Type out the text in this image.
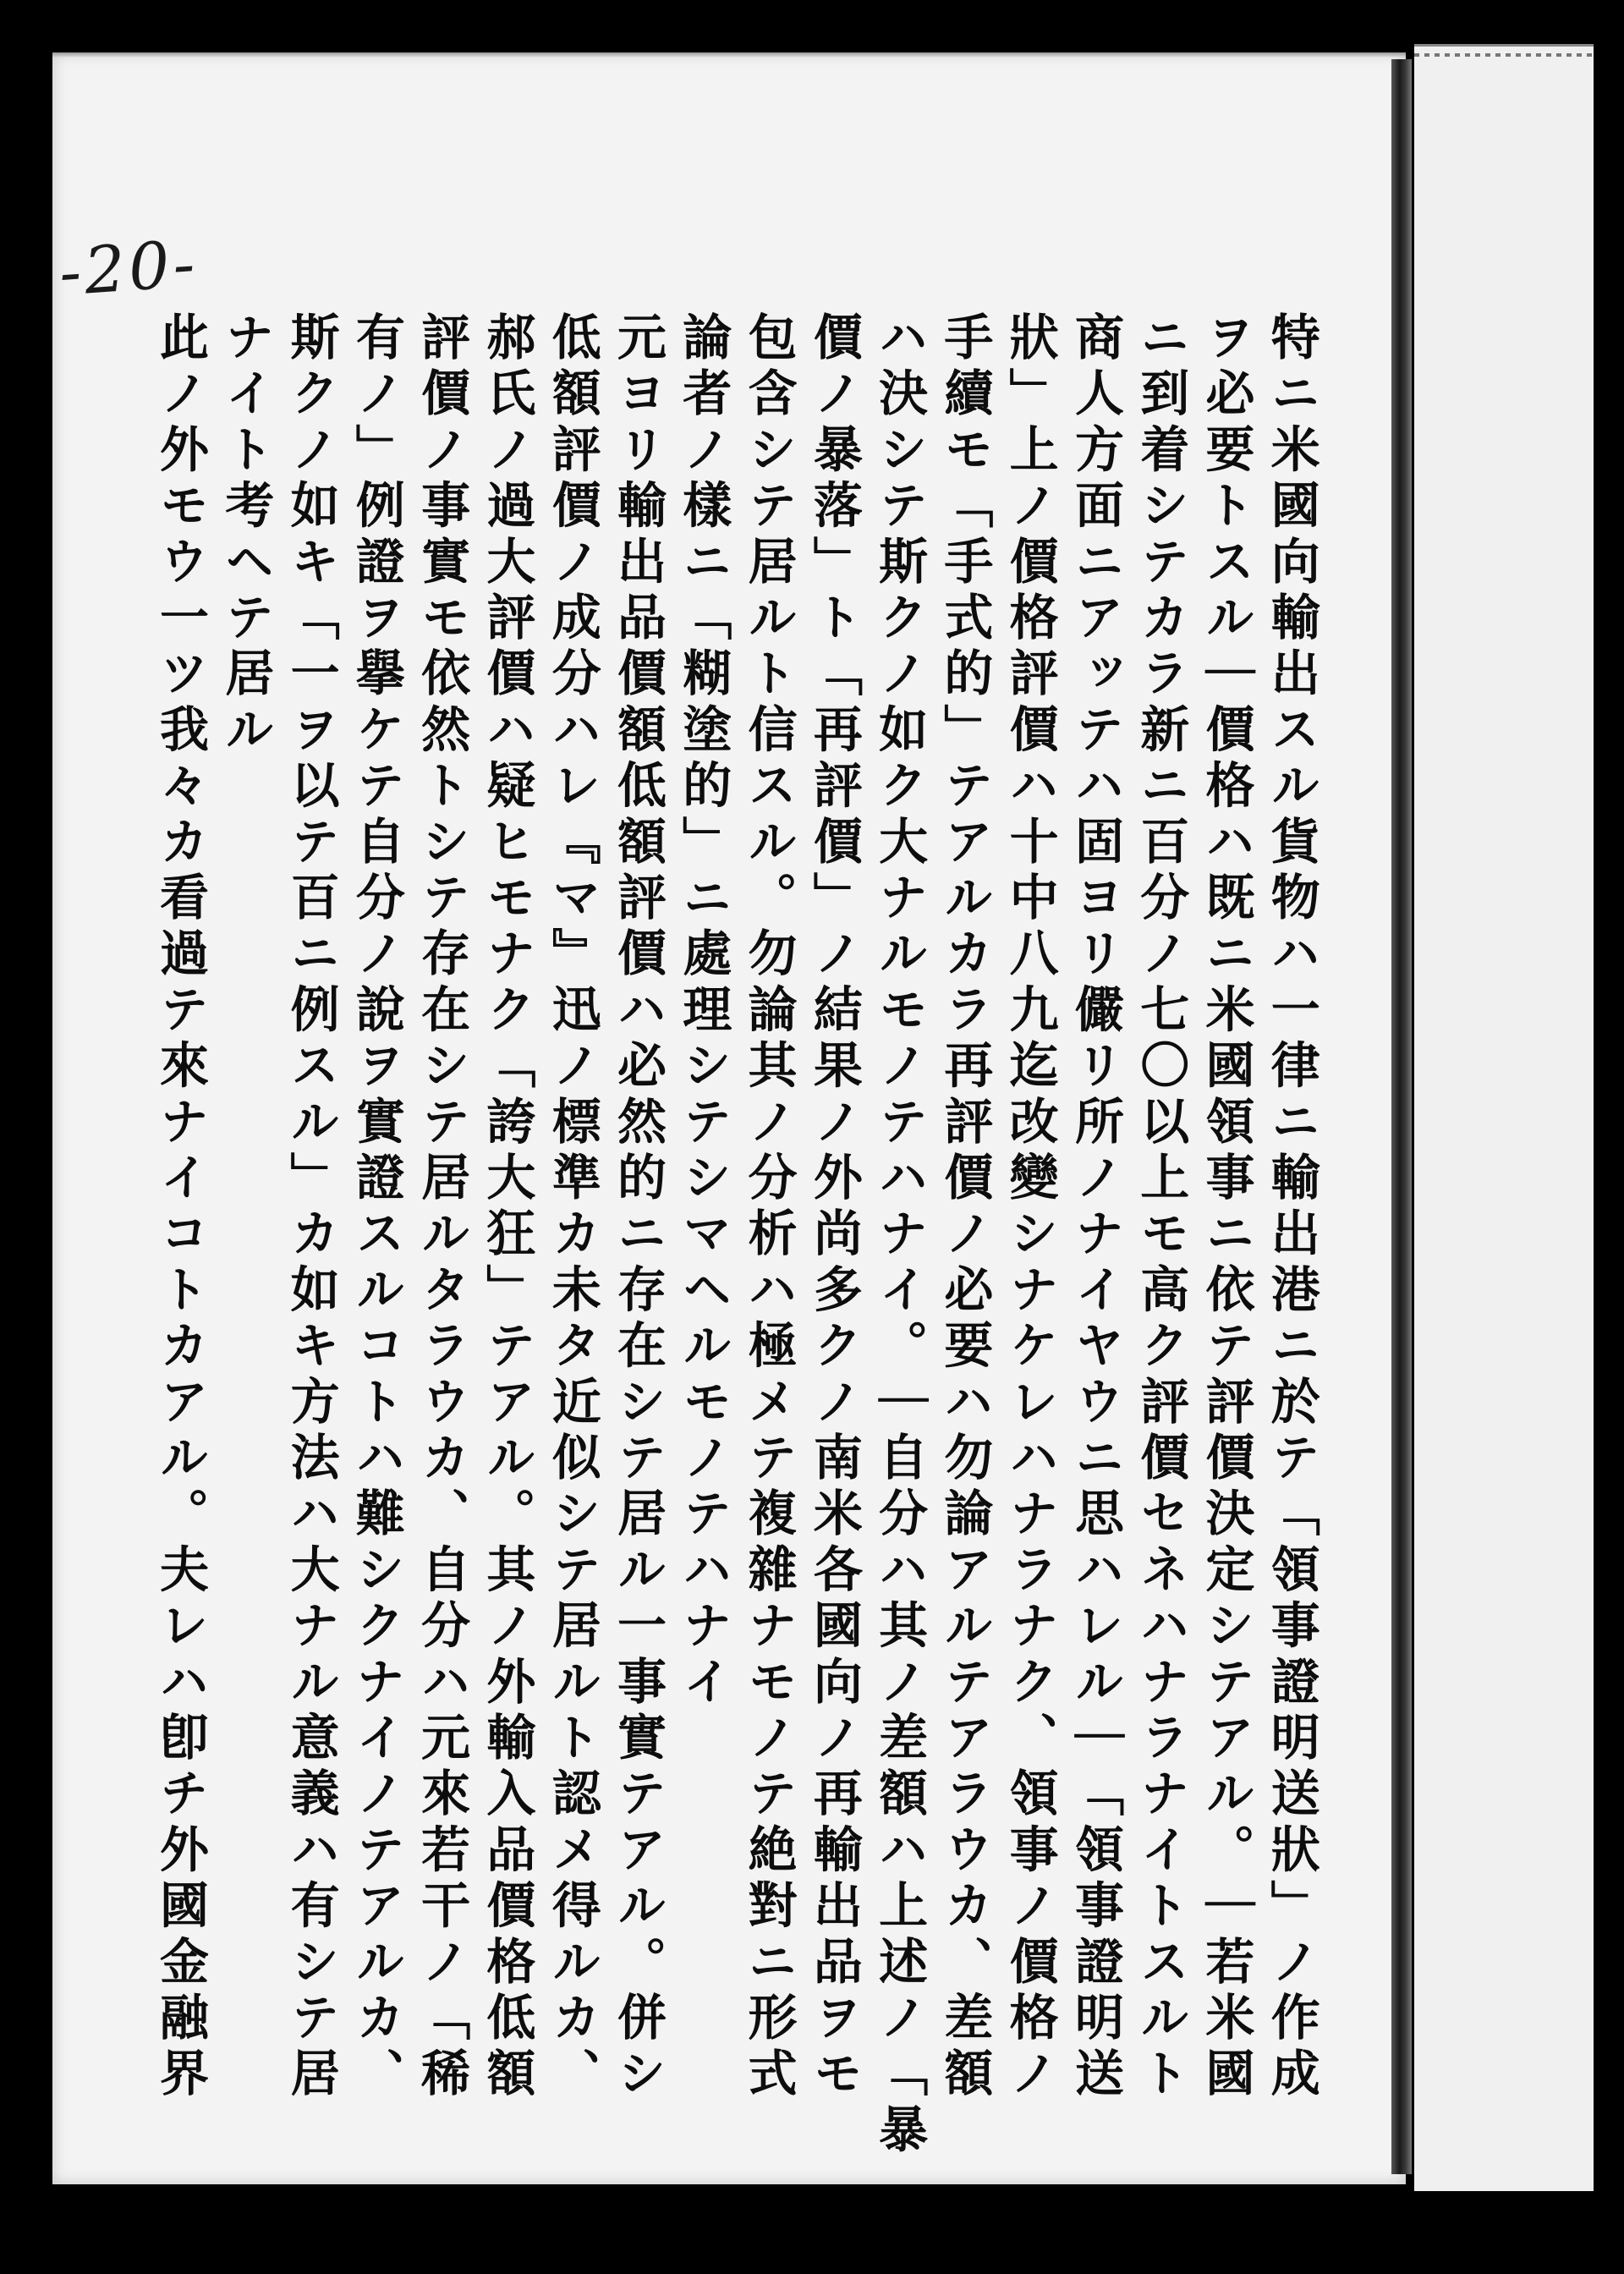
-20-
特ニ米國向輸出スル貨物ハ一律ニ輸出港ニ於テ「領事證明送狀」ノ作成
ヲ必要トスル｜價格ハ既ニ米國領事ニ依テ評價決定シテアル。｜若米國
ニ到着シテカラ新ニ百分ノ七〇以上モ高ク評價セネハナラナイトスルト
商人方面ニアッテハ固ヨリ儼リ所ノナイヤウニ思ハレル｜「領事證明送
狀」上ノ價格評價ハ十中八九迄改變シナケレハナラナク、領事ノ價格ノ
手續モ「手式的」テアルカラ再評價ノ必要ハ勿論アルテアラウカ、差額
ハ決シテ斯クノ如ク大ナルモノテハナイ。｜自分ハ其ノ差額ハ上述ノ「暴
價ノ暴落」ト「再評價」ノ結果ノ外尚多クノ南米各國向ノ再輸出品ヲモ
包含シテ居ルト信スル。勿論其ノ分析ハ極メテ複雜ナモノテ絶對ニ形式
論者ノ樣ニ「糊塗的」ニ處理シテシマヘルモノテハナイ
元ヨリ輸出品價額低額評價ハ必然的ニ存在シテ居ル一事實テアル。併シ
低額評價ノ成分ハレ『マ』迅ノ標準カ未タ近似シテ居ルト認メ得ルカ、
郝氏ノ過大評價ハ疑ヒモナク「誇大狂」テアル。其ノ外輸入品價格低額
評價ノ事實モ依然トシテ存在シテ居ルタラウカ、自分ハ元來若干ノ「稀
有ノ」例證ヲ擧ケテ自分ノ說ヲ實證スルコトハ難シクナイノテアルカ、
斯クノ如キ「一ヲ以テ百ニ例スル」カ如キ方法ハ大ナル意義ハ有シテ居
ナイト考ヘテ居ル
此ノ外モウ一ツ我々カ看過テ來ナイコトカアル。夫レハ卽チ外國金融界
